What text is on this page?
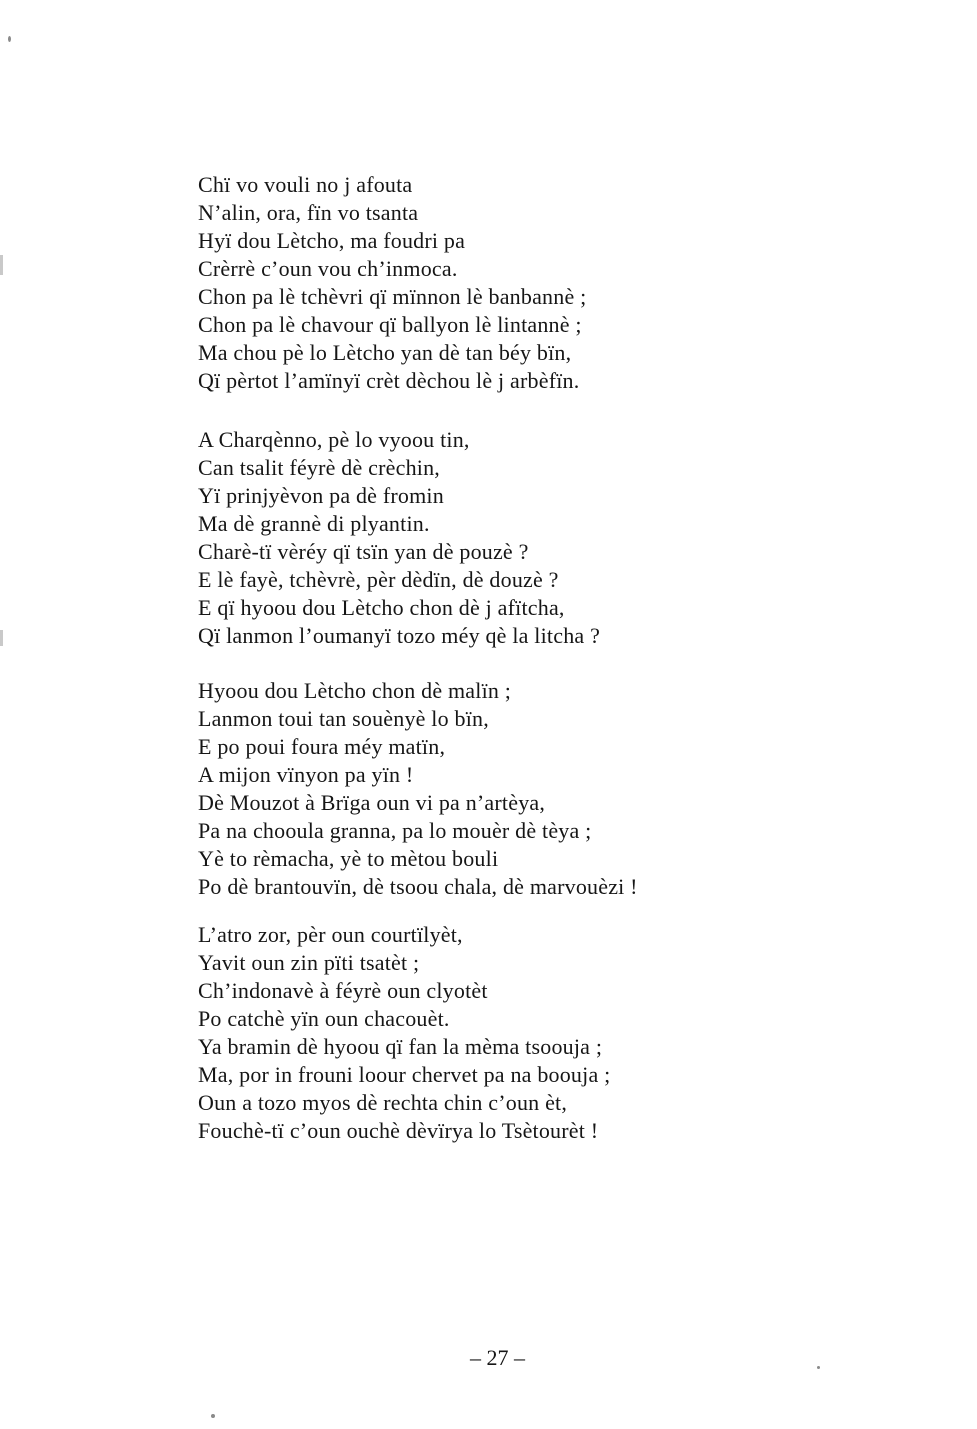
Chï vo vouli no j afouta
N’alin, ora, fïn vo tsanta
Hyï dou Lètcho, ma foudri pa
Crèrrè c’oun vou ch’inmoca.
Chon pa lè tchèvri qï mïnnon lè banbannè ;
Chon pa lè chavour qï ballyon lè lintannè ;
Ma chou pè lo Lètcho yan dè tan béy bïn,
Qï pèrtot l’amïnyï crèt dèchou lè j arbèfïn.
A Charqènno, pè lo vyoou tin,
Can tsalit féyrè dè crèchin,
Yï prinjyèvon pa dè fromin
Ma dè grannè di plyantin.
Charè-tï vèréy qï tsïn yan dè pouzè ?
E lè fayè, tchèvrè, pèr dèdïn, dè douzè ?
E qï hyoou dou Lètcho chon dè j afïtcha,
Qï lanmon l’oumanyï tozo méy qè la litcha ?
Hyoou dou Lètcho chon dè malïn ;
Lanmon toui tan souènyè lo bïn,
E po poui foura méy matïn,
A mijon vïnyon pa yïn !
Dè Mouzot à Brïga oun vi pa n’artèya,
Pa na chooula granna, pa lo mouèr dè tèya ;
Yè to rèmacha, yè to mètou bouli
Po dè brantouvïn, dè tsoou chala, dè marvouèzi !
L’atro zor, pèr oun courtïlyèt,
Yavit oun zin pïti tsatèt ;
Ch’indonavè à féyrè oun clyotèt
Po catchè yïn oun chacouèt.
Ya bramin dè hyoou qï fan la mèma tsoouja ;
Ma, por in frouni loour chervet pa na boouja ;
Oun a tozo myos dè rechta chin c’oun èt,
Fouchè-tï c’oun ouchè dèvïrya lo Tsètourèt !
– 27 –
